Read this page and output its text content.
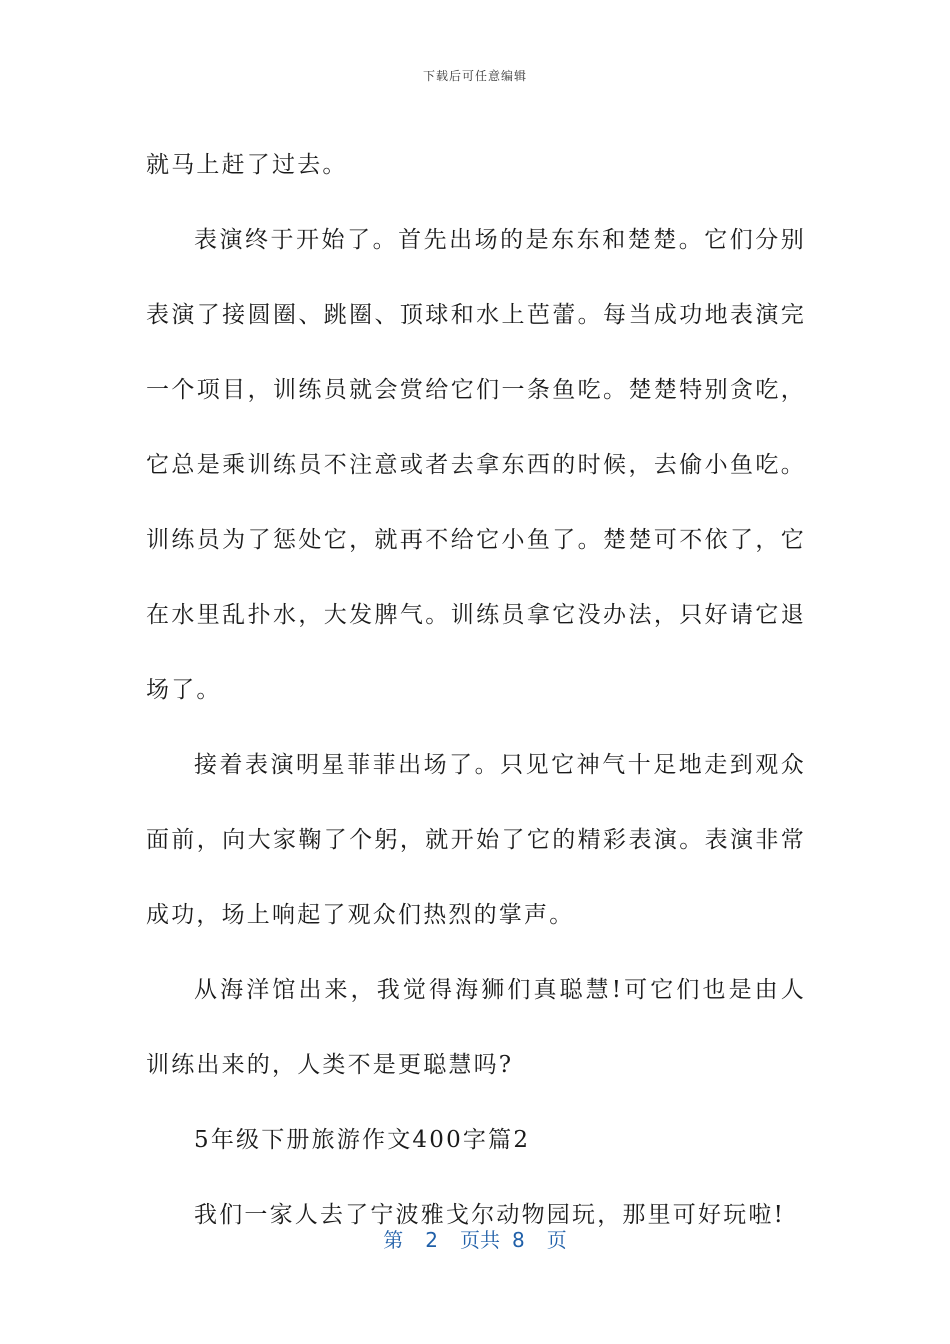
下载后可任意编辑

就马上赶了过去。

表演终于开始了。首先出场的是东东和楚楚。它们分别表演了接圆圈、跳圈、顶球和水上芭蕾。每当成功地表演完一个项目，训练员就会赏给它们一条鱼吃。楚楚特别贪吃，它总是乘训练员不注意或者去拿东西的时候，去偷小鱼吃。训练员为了惩处它，就再不给它小鱼了。楚楚可不依了，它在水里乱扑水，大发脾气。训练员拿它没办法，只好请它退场了。

接着表演明星菲菲出场了。只见它神气十足地走到观众面前，向大家鞠了个躬，就开始了它的精彩表演。表演非常成功，场上响起了观众们热烈的掌声。

从海洋馆出来，我觉得海狮们真聪慧!可它们也是由人训练出来的，人类不是更聪慧吗?

5年级下册旅游作文400字篇2

我们一家人去了宁波雅戈尔动物园玩，那里可好玩啦!

第 2 页共 8 页
